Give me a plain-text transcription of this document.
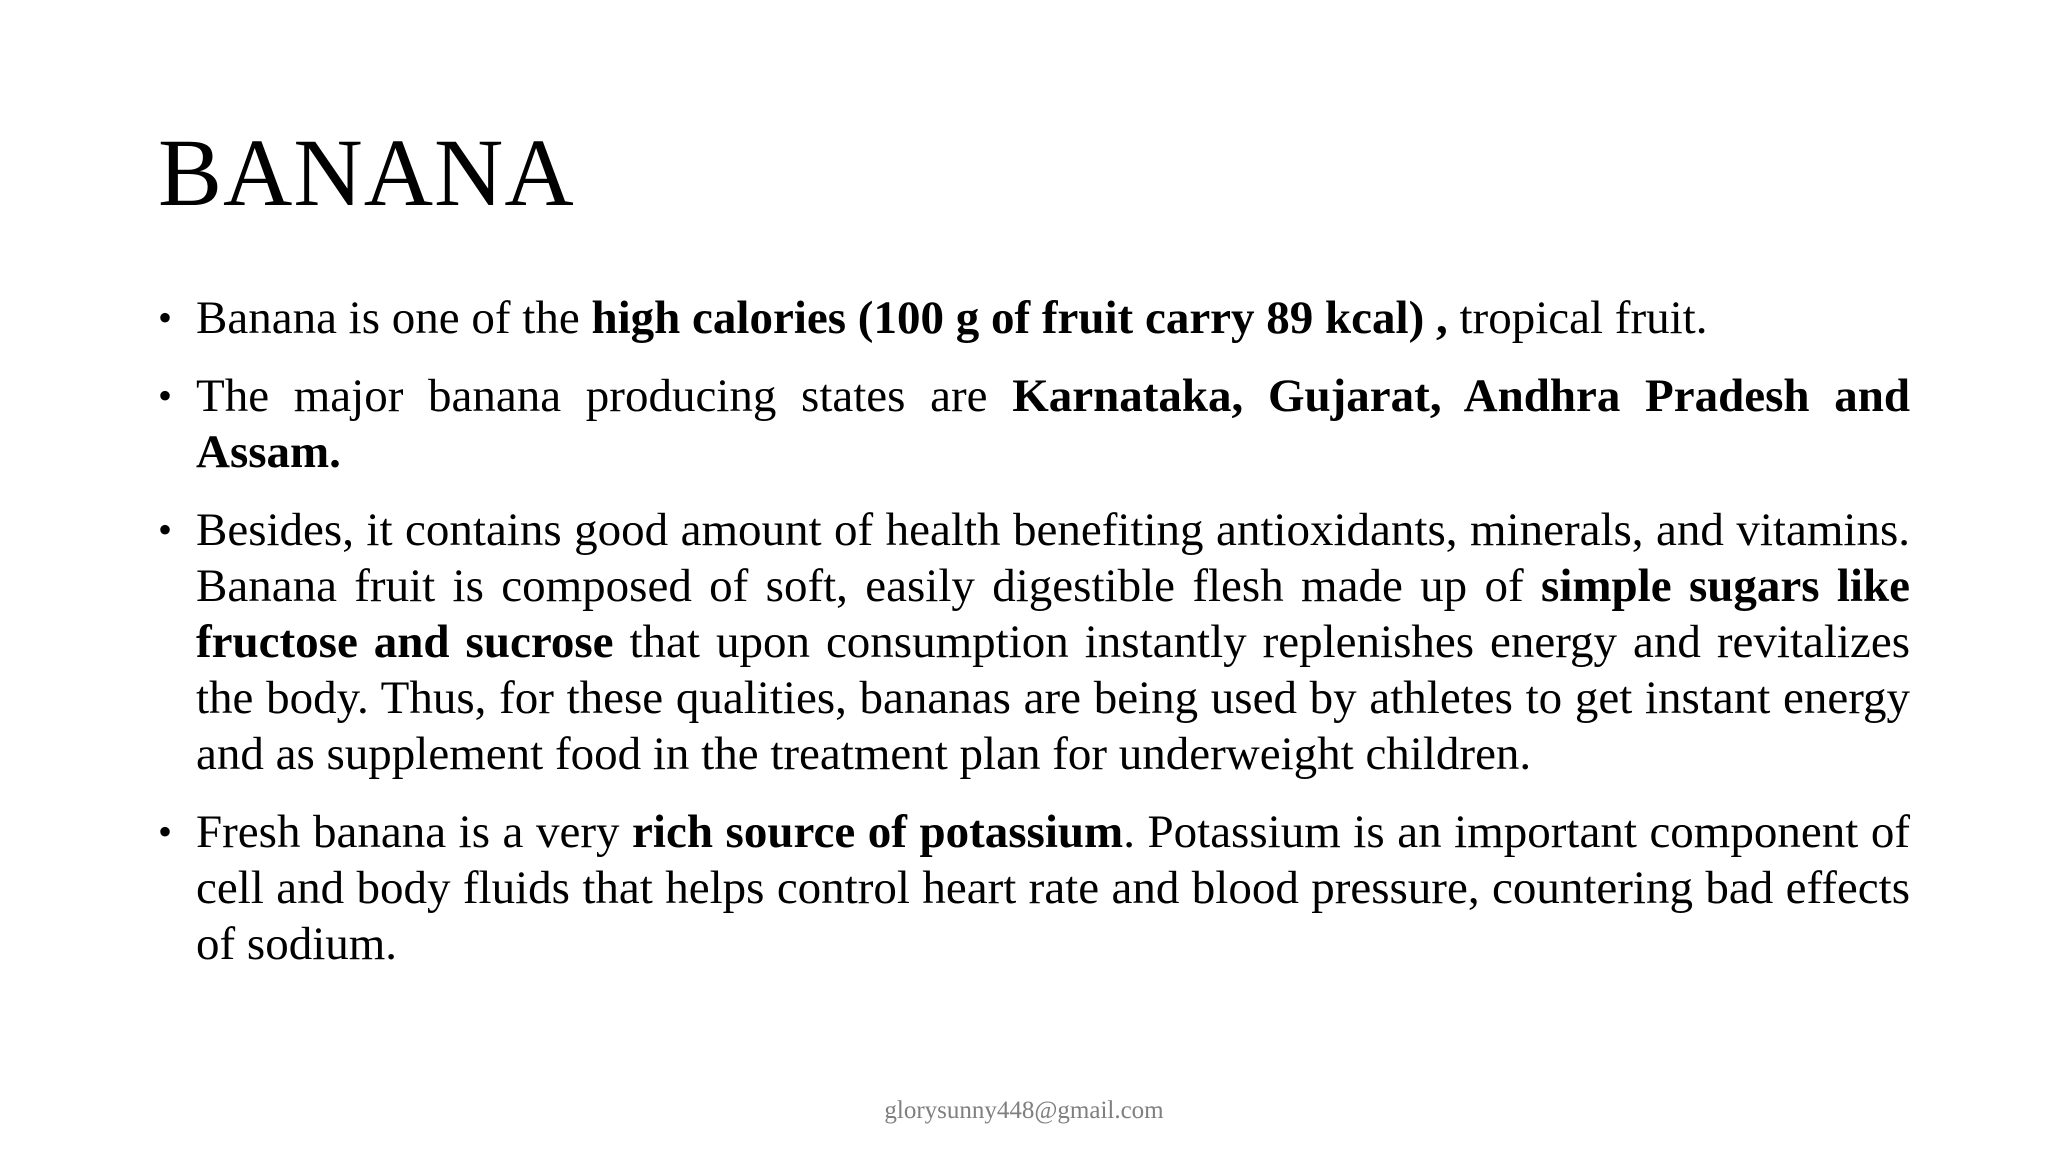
BANANA
• Banana is one of the high calories (100 g of fruit carry 89 kcal) , tropical fruit.
• The major banana producing states are Karnataka, Gujarat, Andhra Pradesh and Assam.
• Besides, it contains good amount of health benefiting antioxidants, minerals, and vitamins. Banana fruit is composed of soft, easily digestible flesh made up of simple sugars like fructose and sucrose that upon consumption instantly replenishes energy and revitalizes the body. Thus, for these qualities, bananas are being used by athletes to get instant energy and as supplement food in the treatment plan for underweight children.
• Fresh banana is a very rich source of potassium. Potassium is an important component of cell and body fluids that helps control heart rate and blood pressure, countering bad effects of sodium.
glorysunny448@gmail.com
